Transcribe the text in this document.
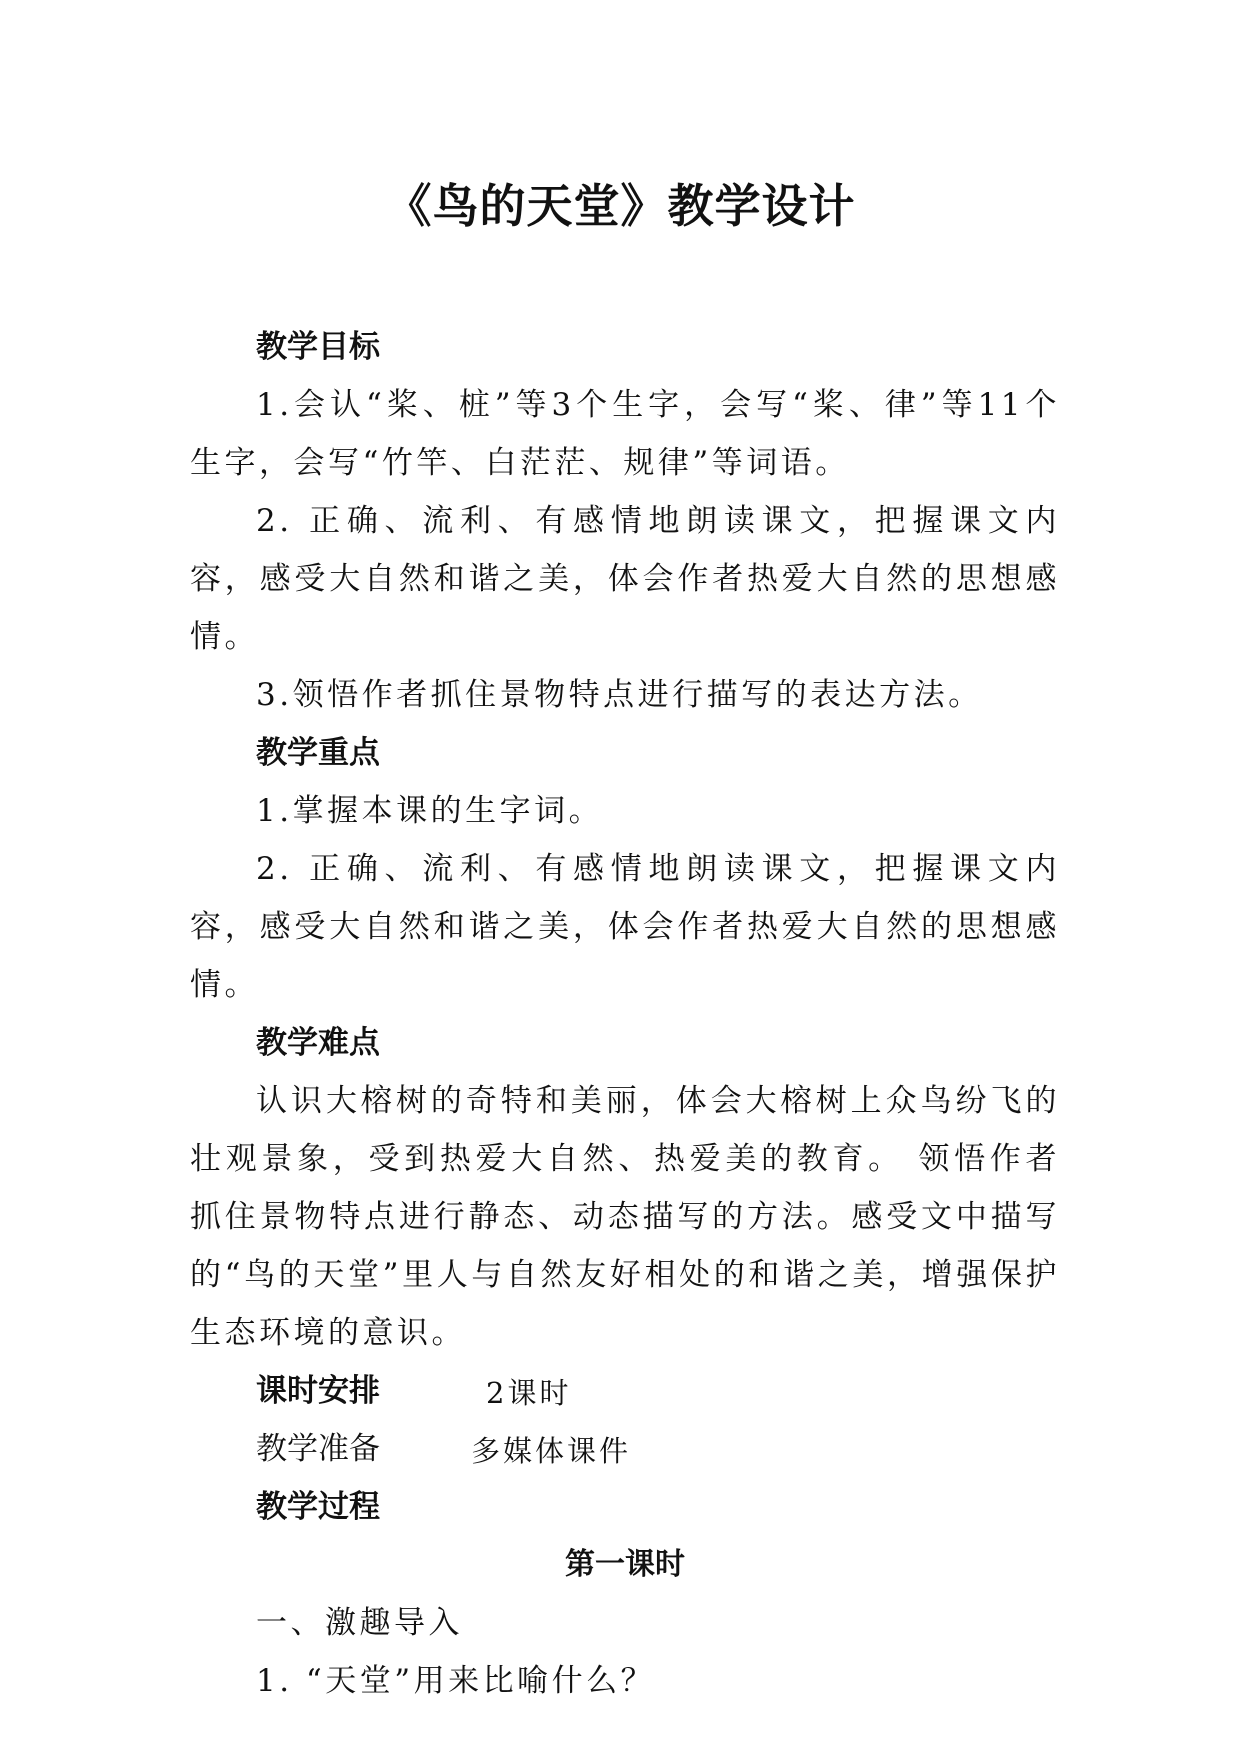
《鸟的天堂》教学设计

教学目标

1.会认“桨、桩”等3个生字，会写“桨、律”等11个生字，会写“竹竿、白茫茫、规律”等词语。

2. 正确、流利、有感情地朗读课文，把握课文内容，感受大自然和谐之美，体会作者热爱大自然的思想感情。

3.领悟作者抓住景物特点进行描写的表达方法。

教学重点

1.掌握本课的生字词。

2. 正确、流利、有感情地朗读课文，把握课文内容，感受大自然和谐之美，体会作者热爱大自然的思想感情。

教学难点

认识大榕树的奇特和美丽，体会大榕树上众鸟纷飞的壮观景象，受到热爱大自然、热爱美的教育。 领悟作者抓住景物特点进行静态、动态描写的方法。感受文中描写的“鸟的天堂”里人与自然友好相处的和谐之美，增强保护生态环境的意识。

课时安排	2课时
教学准备	多媒体课件

教学过程

第一课时

一、激趣导入

1. “天堂”用来比喻什么？
